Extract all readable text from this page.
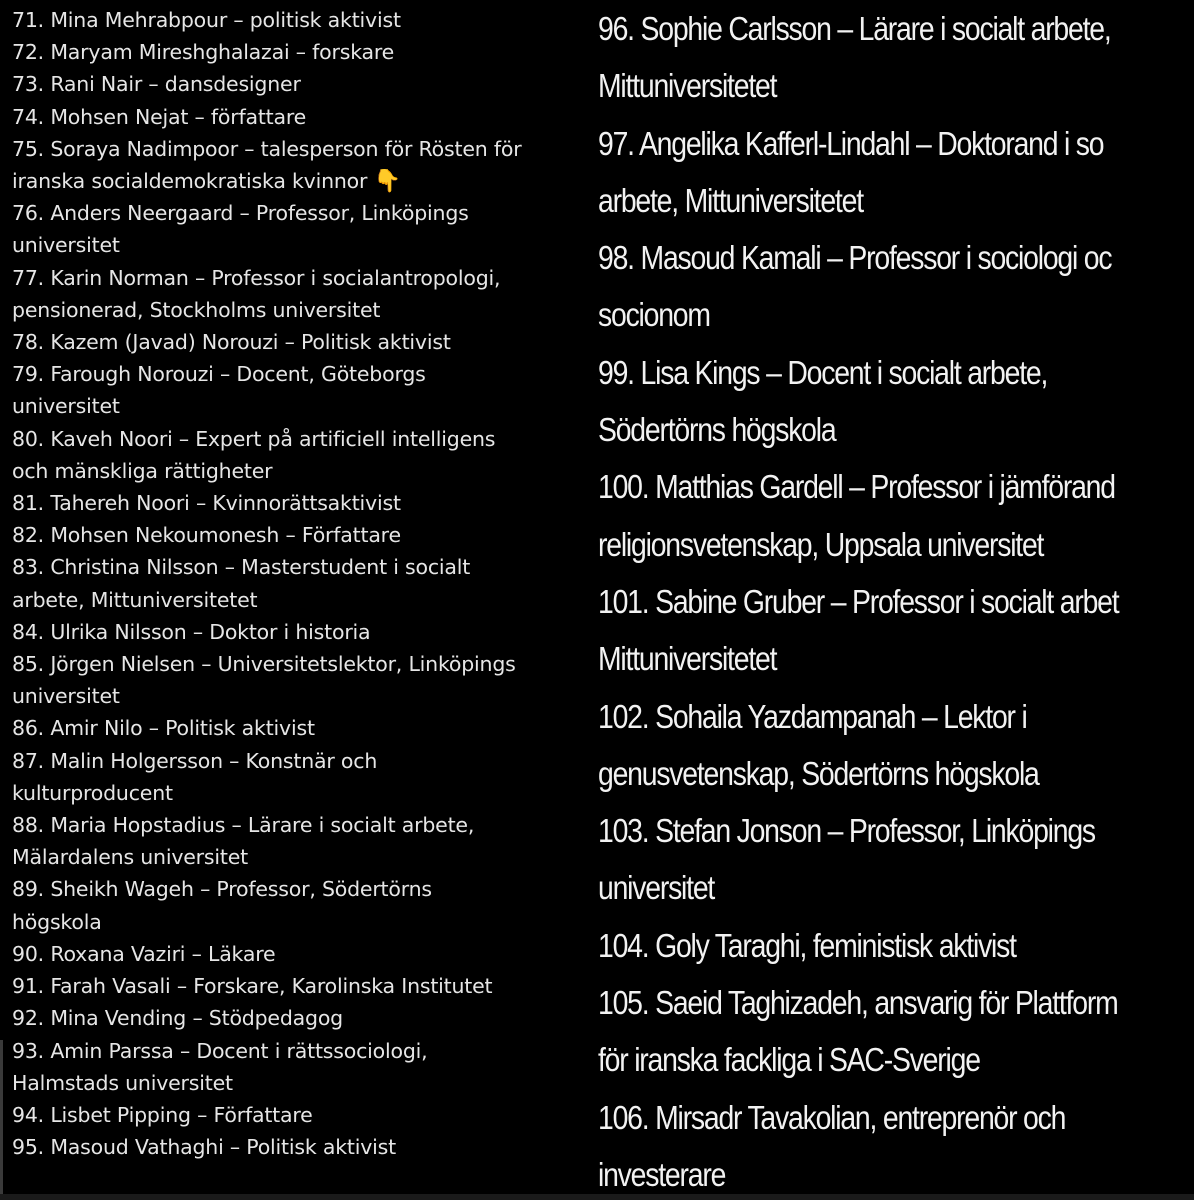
71. Mina Mehrabpour – politisk aktivist
72. Maryam Mireshghalazai – forskare
73. Rani Nair – dansdesigner
74. Mohsen Nejat – författare
75. Soraya Nadimpoor – talesperson för Rösten för
iranska socialdemokratiska kvinnor 👇
76. Anders Neergaard – Professor, Linköpings
universitet
77. Karin Norman – Professor i socialantropologi,
pensionerad, Stockholms universitet
78. Kazem (Javad) Norouzi – Politisk aktivist
79. Farough Norouzi – Docent, Göteborgs
universitet
80. Kaveh Noori – Expert på artificiell intelligens
och mänskliga rättigheter
81. Tahereh Noori – Kvinnorättsaktivist
82. Mohsen Nekoumonesh – Författare
83. Christina Nilsson – Masterstudent i socialt
arbete, Mittuniversitetet
84. Ulrika Nilsson – Doktor i historia
85. Jörgen Nielsen – Universitetslektor, Linköpings
universitet
86. Amir Nilo – Politisk aktivist
87. Malin Holgersson – Konstnär och
kulturproducent
88. Maria Hopstadius – Lärare i socialt arbete,
Mälardalens universitet
89. Sheikh Wageh – Professor, Södertörns
högskola
90. Roxana Vaziri – Läkare
91. Farah Vasali – Forskare, Karolinska Institutet
92. Mina Vending – Stödpedagog
93. Amin Parssa – Docent i rättssociologi,
Halmstads universitet
94. Lisbet Pipping – Författare
95. Masoud Vathaghi – Politisk aktivist
96. Sophie Carlsson – Lärare i socialt arbete,
Mittuniversitetet
97. Angelika Kafferl-Lindahl – Doktorand i so
arbete, Mittuniversitetet
98. Masoud Kamali – Professor i sociologi oc
socionom
99. Lisa Kings – Docent i socialt arbete,
Södertörns högskola
100. Matthias Gardell – Professor i jämförand
religionsvetenskap, Uppsala universitet
101. Sabine Gruber – Professor i socialt arbet
Mittuniversitetet
102. Sohaila Yazdampanah – Lektor i
genusvetenskap, Södertörns högskola
103. Stefan Jonson – Professor, Linköpings
universitet
104. Goly Taraghi, feministisk aktivist
105. Saeid Taghizadeh, ansvarig för Plattform
för iranska fackliga i SAC-Sverige
106. Mirsadr Tavakolian, entreprenör och
investerare
